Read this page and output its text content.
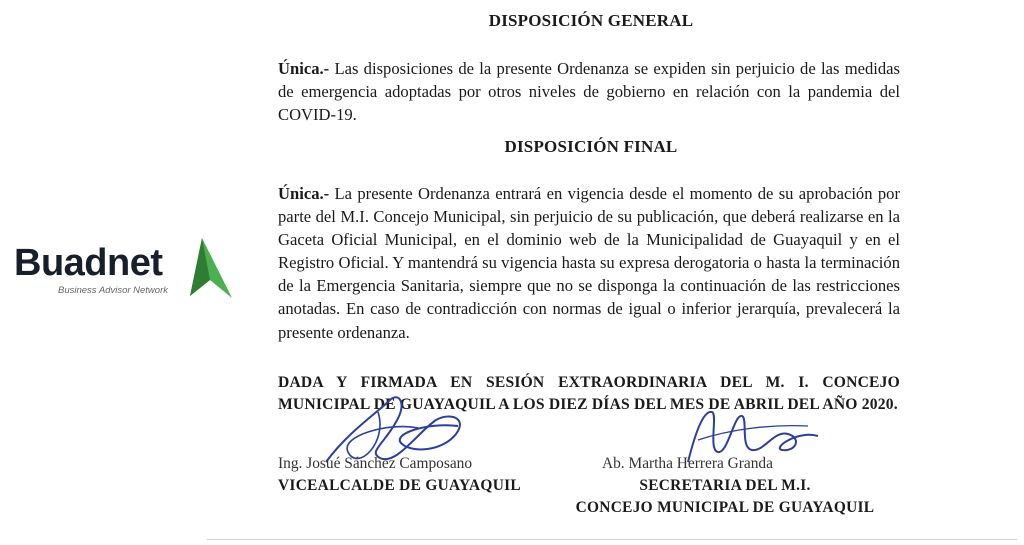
Buadnet
Business Advisor Network
DISPOSICIÓN GENERAL

Única.- Las disposiciones de la presente Ordenanza se expiden sin perjuicio de las medidas de emergencia adoptadas por otros niveles de gobierno en relación con la pandemia del COVID-19.

DISPOSICIÓN FINAL

Única.- La presente Ordenanza entrará en vigencia desde el momento de su aprobación por parte del M.I. Concejo Municipal, sin perjuicio de su publicación, que deberá realizarse en la Gaceta Oficial Municipal, en el dominio web de la Municipalidad de Guayaquil y en el Registro Oficial. Y mantendrá su vigencia hasta su expresa derogatoria o hasta la terminación de la Emergencia Sanitaria, siempre que no se disponga la continuación de las restricciones anotadas. En caso de contradicción con normas de igual o inferior jerarquía, prevalecerá la presente ordenanza.

DADA Y FIRMADA EN SESIÓN EXTRAORDINARIA DEL M. I. CONCEJO MUNICIPAL DE GUAYAQUIL A LOS DIEZ DÍAS DEL MES DE ABRIL DEL AÑO 2020.
Ing. Josué Sánchez Camposano
VICEALCALDE DE GUAYAQUIL
Ab. Martha Herrera Granda
SECRETARIA DEL M.I.
CONCEJO MUNICIPAL DE GUAYAQUIL
